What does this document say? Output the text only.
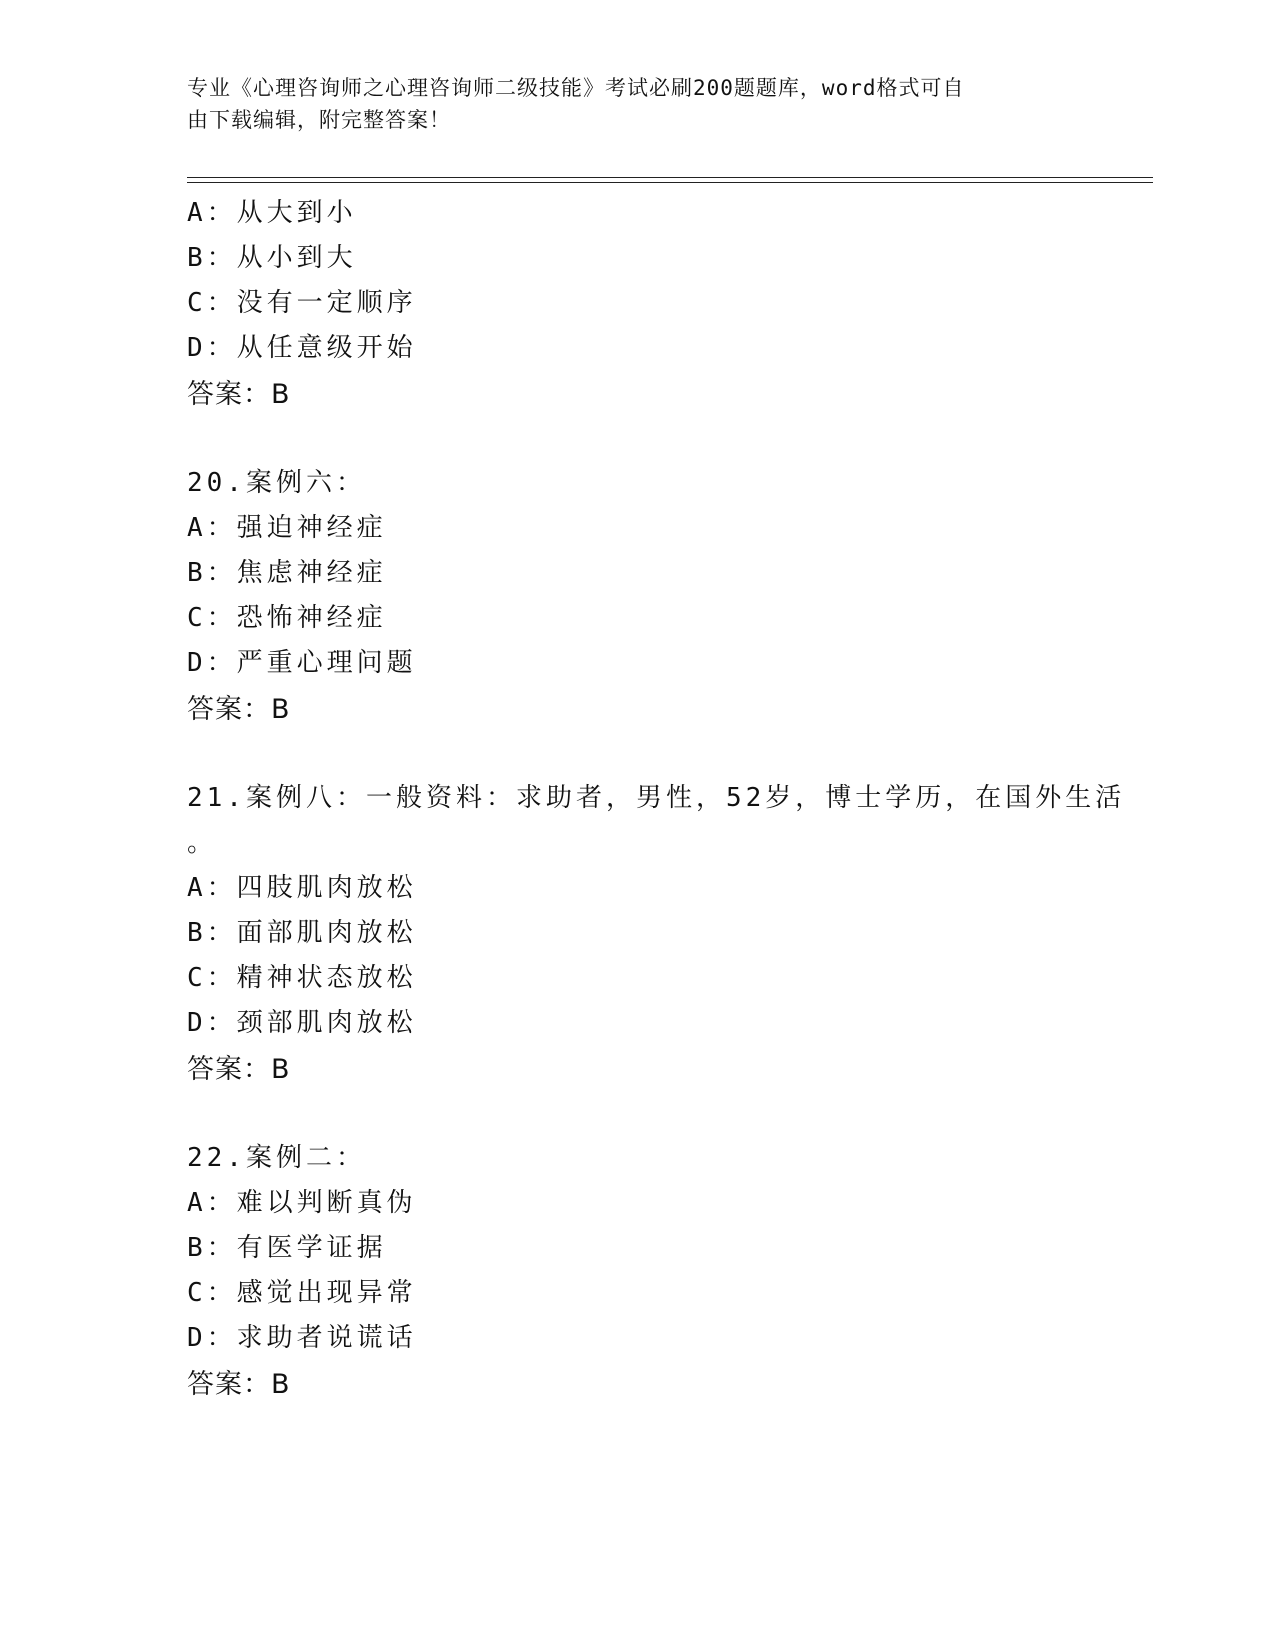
专业《心理咨询师之心理咨询师二级技能》考试必刷200题题库，word格式可自
由下载编辑，附完整答案！
A：从大到小
B：从小到大
C：没有一定顺序
D：从任意级开始
答案：B
20.案例六：
A：强迫神经症
B：焦虑神经症
C：恐怖神经症
D：严重心理问题
答案：B
21.案例八：一般资料：求助者，男性，52岁，博士学历，在国外生活
。
A：四肢肌肉放松
B：面部肌肉放松
C：精神状态放松
D：颈部肌肉放松
答案：B
22.案例二：
A：难以判断真伪
B：有医学证据
C：感觉出现异常
D：求助者说谎话
答案：B
